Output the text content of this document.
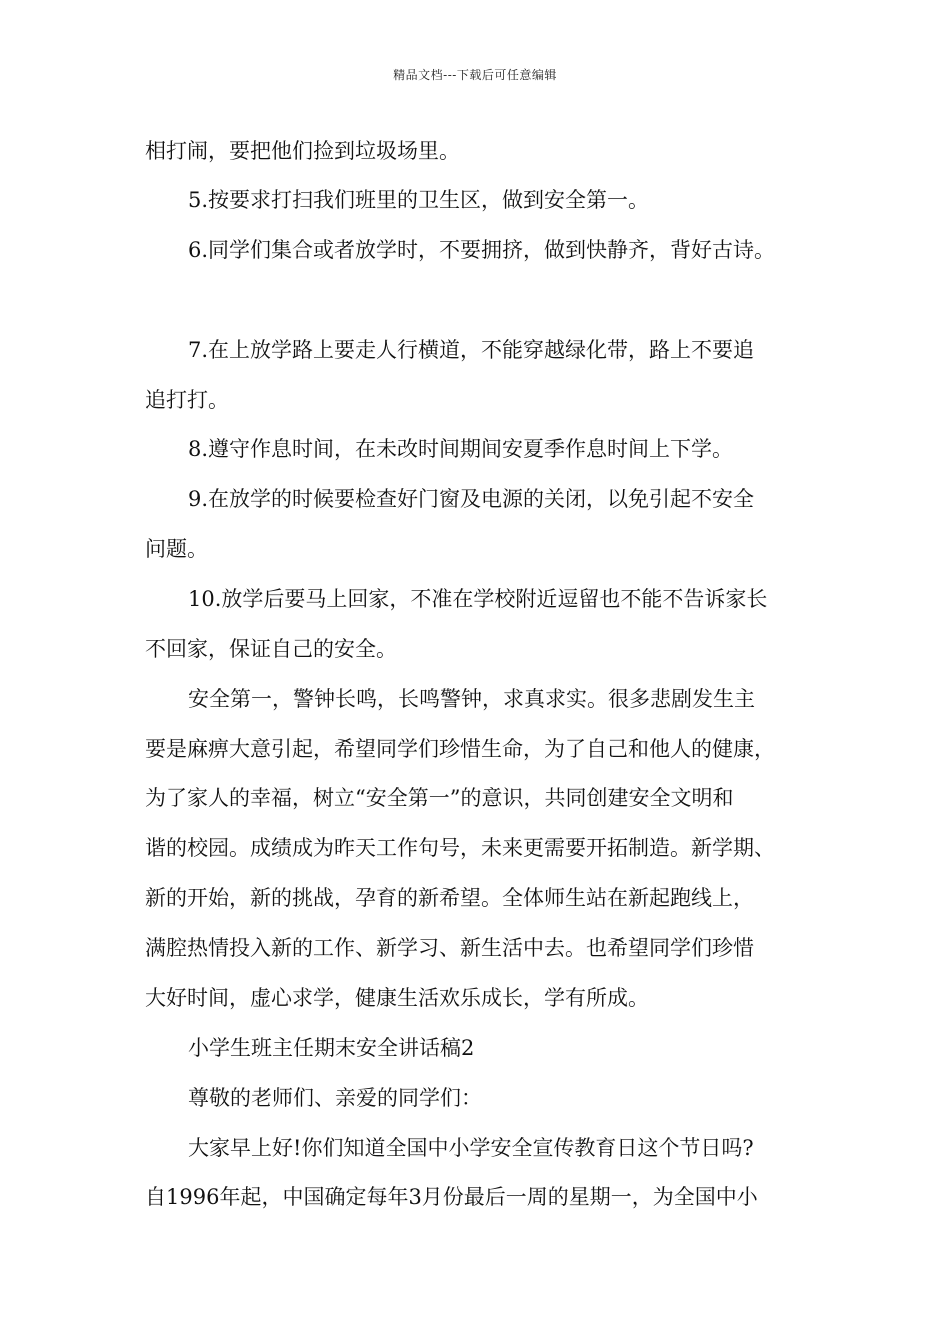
精品文档---下载后可任意编辑
相打闹，要把他们捡到垃圾场里。
5.按要求打扫我们班里的卫生区，做到安全第一。
6.同学们集合或者放学时，不要拥挤，做到快静齐，背好古诗。
7.在上放学路上要走人行横道，不能穿越绿化带，路上不要追
追打打。
8.遵守作息时间，在未改时间期间安夏季作息时间上下学。
9.在放学的时候要检查好门窗及电源的关闭，以免引起不安全
问题。
10.放学后要马上回家，不准在学校附近逗留也不能不告诉家长
不回家，保证自己的安全。
安全第一，警钟长鸣，长鸣警钟，求真求实。很多悲剧发生主
要是麻痹大意引起，希望同学们珍惜生命，为了自己和他人的健康，
为了家人的幸福，树立“安全第一”的意识，共同创建安全文明和
谐的校园。成绩成为昨天工作句号，未来更需要开拓制造。新学期、
新的开始，新的挑战，孕育的新希望。全体师生站在新起跑线上，
满腔热情投入新的工作、新学习、新生活中去。也希望同学们珍惜
大好时间，虚心求学，健康生活欢乐成长，学有所成。
小学生班主任期末安全讲话稿2
尊敬的老师们、亲爱的同学们：
大家早上好!你们知道全国中小学安全宣传教育日这个节日吗?
自1996年起，中国确定每年3月份最后一周的星期一，为全国中小
